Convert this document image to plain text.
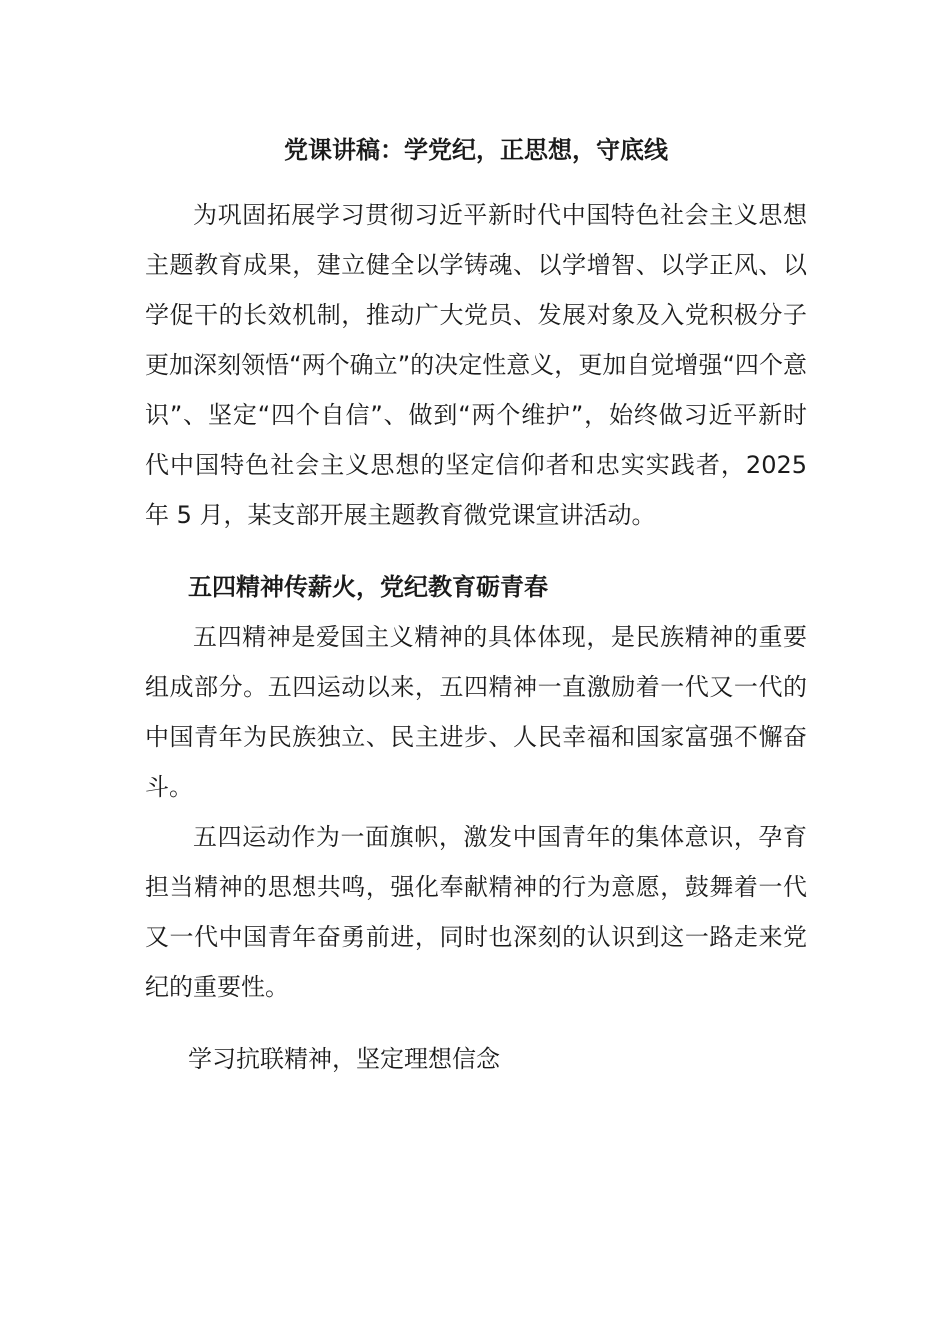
党课讲稿：学党纪，正思想，守底线

为巩固拓展学习贯彻习近平新时代中国特色社会主义思想主题教育成果，建立健全以学铸魂、以学增智、以学正风、以学促干的长效机制，推动广大党员、发展对象及入党积极分子更加深刻领悟“两个确立”的决定性意义，更加自觉增强“四个意识”、坚定“四个自信”、做到“两个维护”，始终做习近平新时代中国特色社会主义思想的坚定信仰者和忠实实践者，2025 年 5 月，某支部开展主题教育微党课宣讲活动。

五四精神传薪火，党纪教育砺青春

五四精神是爱国主义精神的具体体现，是民族精神的重要组成部分。五四运动以来，五四精神一直激励着一代又一代的中国青年为民族独立、民主进步、人民幸福和国家富强不懈奋斗。

五四运动作为一面旗帜，激发中国青年的集体意识，孕育担当精神的思想共鸣，强化奉献精神的行为意愿，鼓舞着一代又一代中国青年奋勇前进，同时也深刻的认识到这一路走来党纪的重要性。

学习抗联精神，坚定理想信念
